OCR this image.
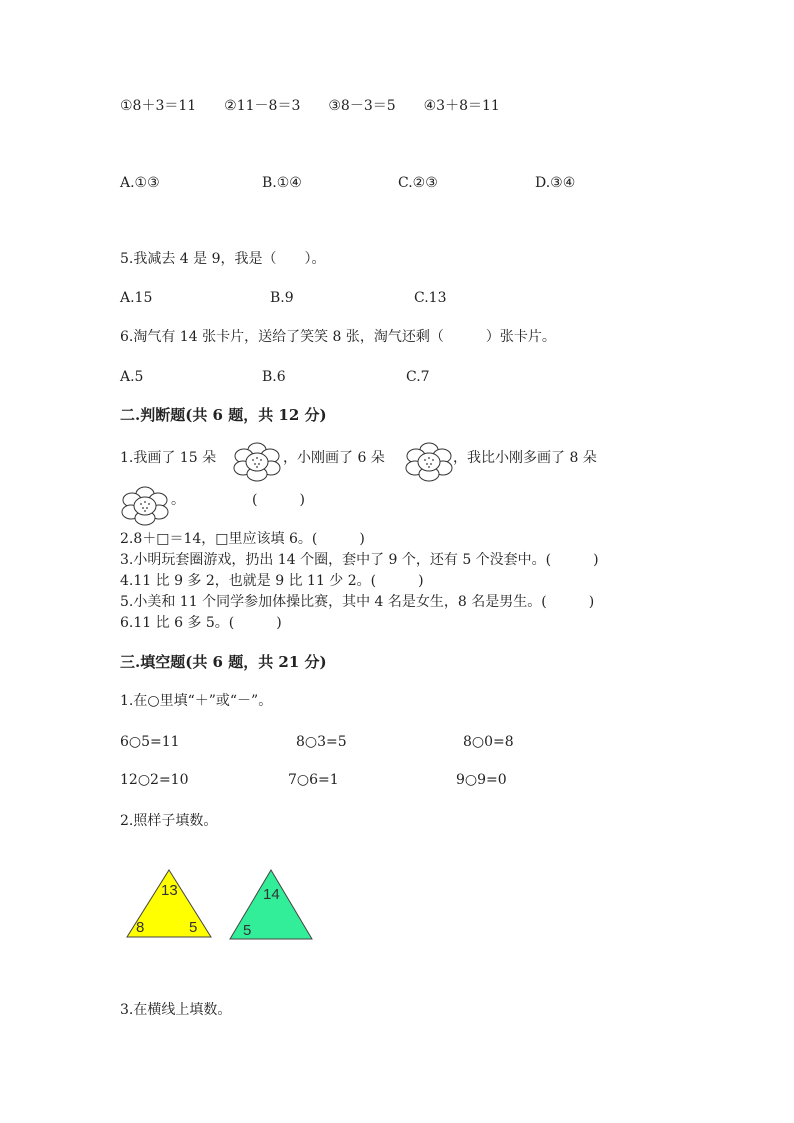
①8＋3＝11　　②11－8＝3　　③8－3＝5　　④3＋8＝11
A.①③	B.①④	C.②③	D.③④
5.我减去 4 是 9，我是（　　）。
A.15	B.9	C.13
6.淘气有 14 张卡片，送给了笑笑 8 张，淘气还剩（　　　）张卡片。
A.5	B.6	C.7
二.判断题(共 6 题，共 12 分)
1.我画了 15 朵	，小刚画了 6 朵	，我比小刚多画了 8 朵
。	(　　　)
2.8＋□＝14，□里应该填 6。(　　　)
3.小明玩套圈游戏，扔出 14 个圈，套中了 9 个，还有 5 个没套中。(　　　)
4.11 比 9 多 2，也就是 9 比 11 少 2。(　　　)
5.小美和 11 个同学参加体操比赛，其中 4 名是女生，8 名是男生。(　　　)
6.11 比 6 多 5。(　　　)
三.填空题(共 6 题，共 21 分)
1.在○里填“＋”或“－”。
6○5=11	8○3=5	8○0=8
12○2=10	7○6=1	9○9=0
2.照样子填数。
13
8	5
14
5
3.在横线上填数。
